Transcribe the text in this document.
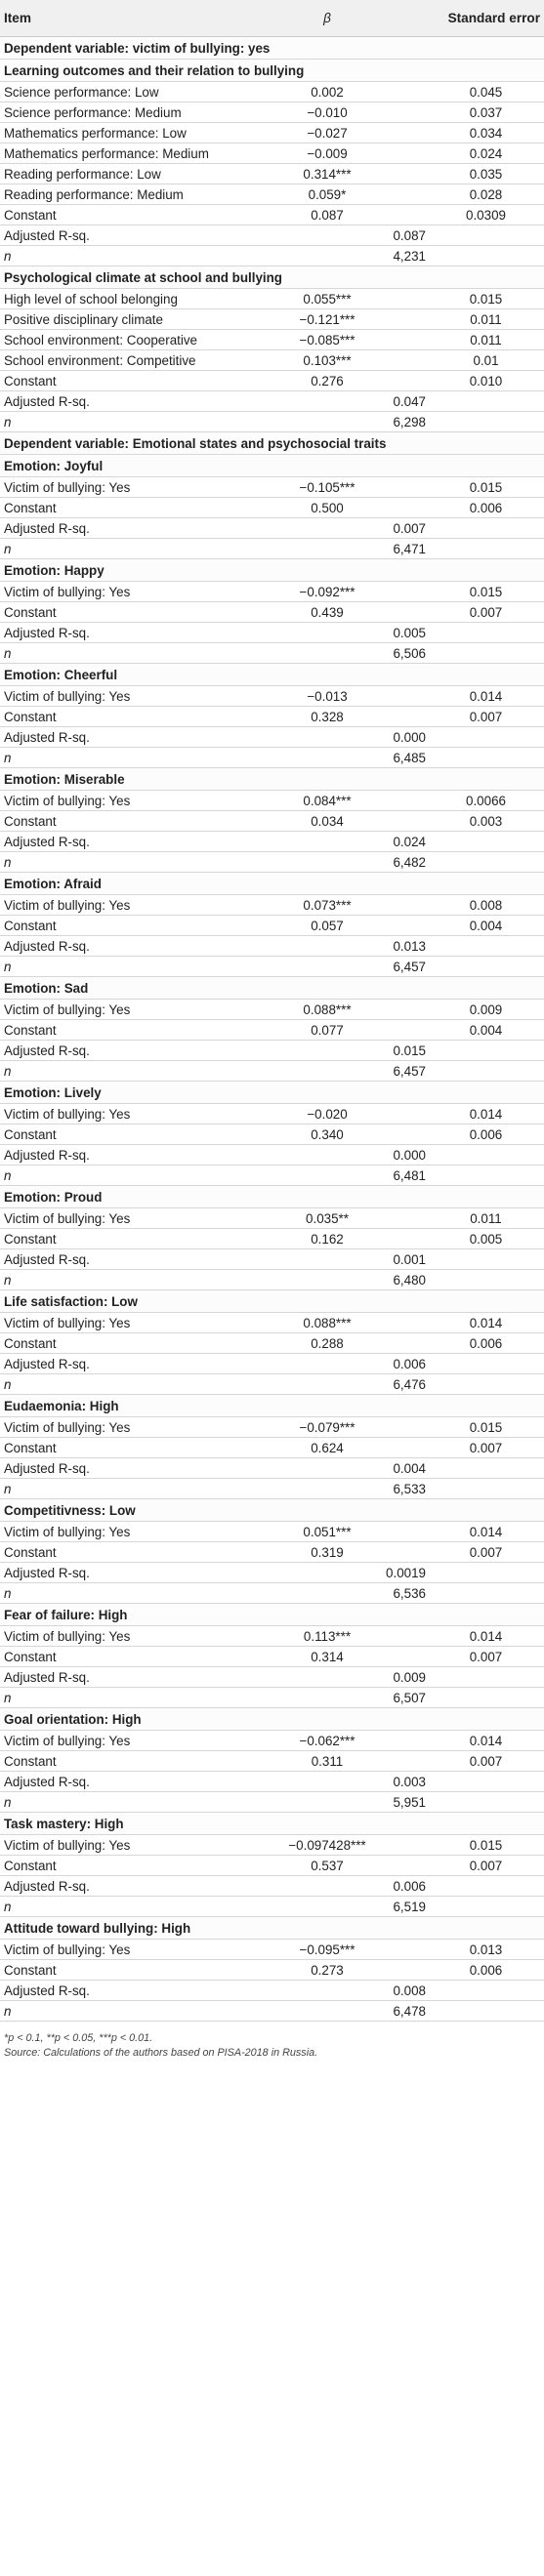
Item	β		Standard error
Dependent variable: victim of bullying: yes			
Learning outcomes and their relation to bullying			
Science performance: Low	0.002		0.045
Science performance: Medium	−0.010		0.037
Mathematics performance: Low	−0.027		0.034
Mathematics performance: Medium	−0.009		0.024
Reading performance: Low	0.314***		0.035
Reading performance: Medium	0.059*		0.028
Constant	0.087		0.0309
Adjusted R-sq.		0.087	
n		4,231	
Psychological climate at school and bullying			
High level of school belonging	0.055***		0.015
Positive disciplinary climate	−0.121***		0.011
School environment: Cooperative	−0.085***		0.011
School environment: Competitive	0.103***		0.01
Constant	0.276		0.010
Adjusted R-sq.		0.047	
n		6,298	
Dependent variable: Emotional states and psychosocial traits			
Emotion: Joyful			
Victim of bullying: Yes	−0.105***		0.015
Constant	0.500		0.006
Adjusted R-sq.		0.007	
n		6,471	
Emotion: Happy			
Victim of bullying: Yes	−0.092***		0.015
Constant	0.439		0.007
Adjusted R-sq.		0.005	
n		6,506	
Emotion: Cheerful			
Victim of bullying: Yes	−0.013		0.014
Constant	0.328		0.007
Adjusted R-sq.		0.000	
n		6,485	
Emotion: Miserable			
Victim of bullying: Yes	0.084***		0.0066
Constant	0.034		0.003
Adjusted R-sq.		0.024	
n		6,482	
Emotion: Afraid			
Victim of bullying: Yes	0.073***		0.008
Constant	0.057		0.004
Adjusted R-sq.		0.013	
n		6,457	
Emotion: Sad			
Victim of bullying: Yes	0.088***		0.009
Constant	0.077		0.004
Adjusted R-sq.		0.015	
n		6,457	
Emotion: Lively			
Victim of bullying: Yes	−0.020		0.014
Constant	0.340		0.006
Adjusted R-sq.		0.000	
n		6,481	
Emotion: Proud			
Victim of bullying: Yes	0.035**		0.011
Constant	0.162		0.005
Adjusted R-sq.		0.001	
n		6,480	
Life satisfaction: Low			
Victim of bullying: Yes	0.088***		0.014
Constant	0.288		0.006
Adjusted R-sq.		0.006	
n		6,476	
Eudaemonia: High			
Victim of bullying: Yes	−0.079***		0.015
Constant	0.624		0.007
Adjusted R-sq.		0.004	
n		6,533	
Competitivness: Low			
Victim of bullying: Yes	0.051***		0.014
Constant	0.319		0.007
Adjusted R-sq.		0.0019	
n		6,536	
Fear of failure: High			
Victim of bullying: Yes	0.113***		0.014
Constant	0.314		0.007
Adjusted R-sq.		0.009	
n		6,507	
Goal orientation: High			
Victim of bullying: Yes	−0.062***		0.014
Constant	0.311		0.007
Adjusted R-sq.		0.003	
n		5,951	
Task mastery: High			
Victim of bullying: Yes	−0.097428***		0.015
Constant	0.537		0.007
Adjusted R-sq.		0.006	
n		6,519	
Attitude toward bullying: High			
Victim of bullying: Yes	−0.095***		0.013
Constant	0.273		0.006
Adjusted R-sq.		0.008	
n		6,478	
*p < 0.1, **p < 0.05, ***p < 0.01.
Source: Calculations of the authors based on PISA-2018 in Russia.
